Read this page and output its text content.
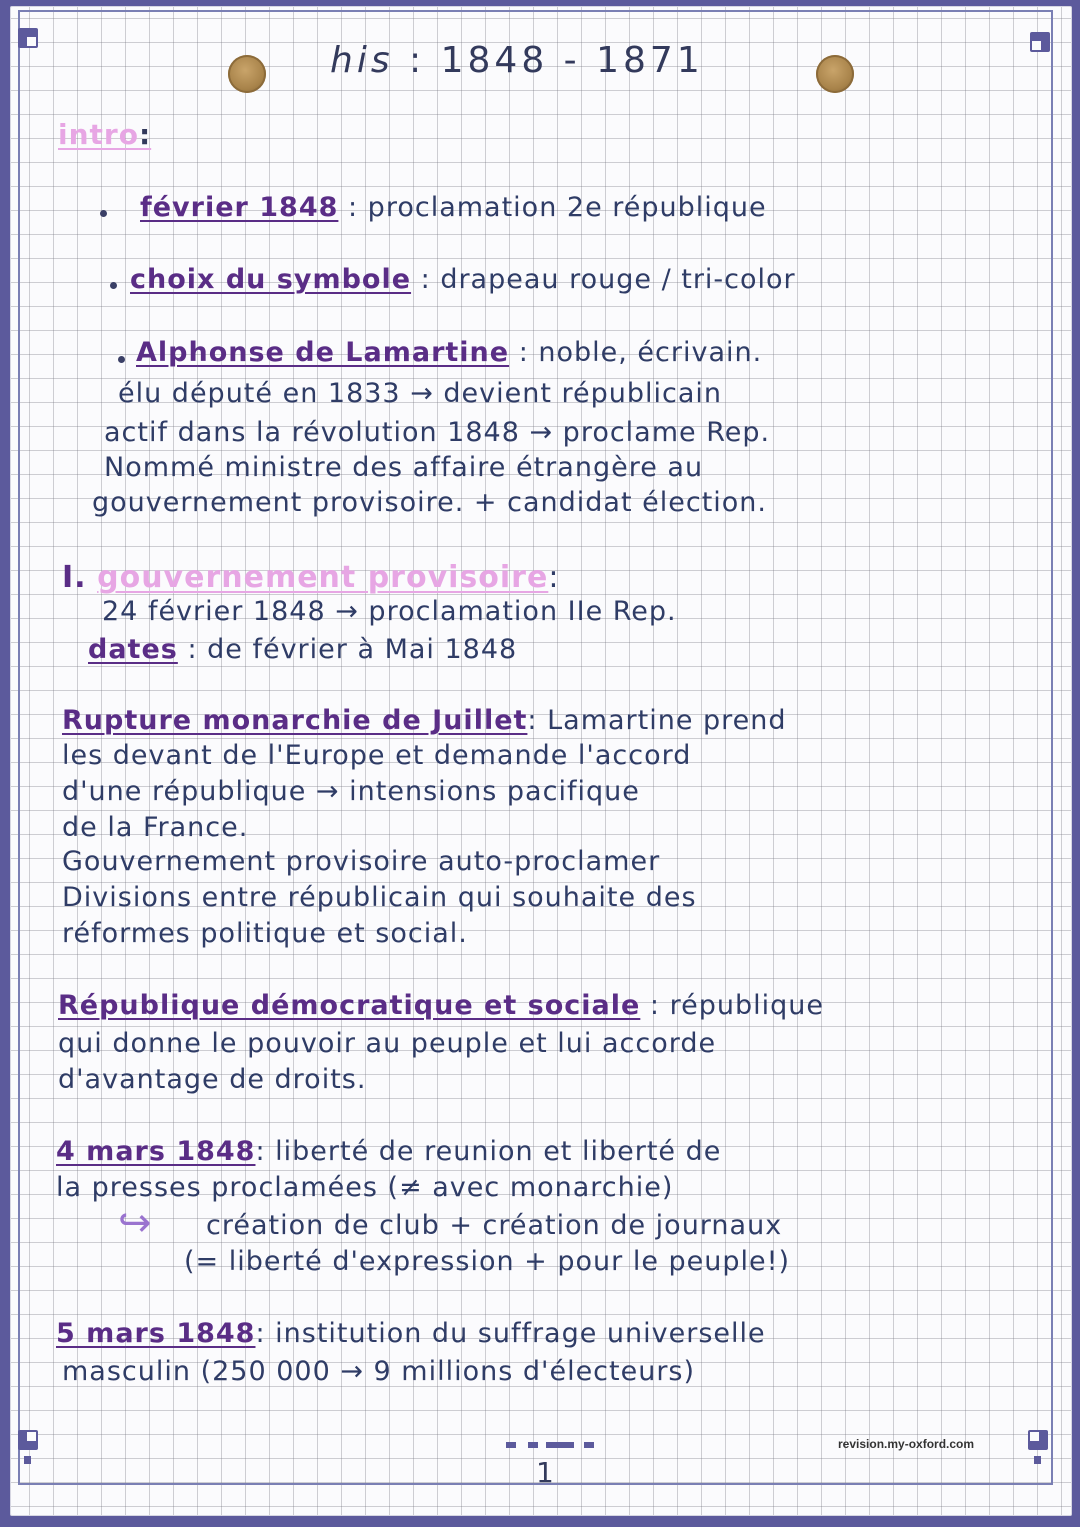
his : 1848 - 1871
intro:
février 1848 : proclamation 2e république
choix du symbole : drapeau rouge / tri-color
Alphonse de Lamartine : noble, écrivain.
élu député en 1833 → devient républicain
actif dans la révolution 1848 → proclame Rep.
Nommé ministre des affaire étrangère au
gouvernement provisoire. + candidat élection.
I. gouvernement provisoire:
24 février 1848 → proclamation IIe Rep.
dates : de février à Mai 1848
Rupture monarchie de Juillet: Lamartine prend
les devant de l'Europe et demande l'accord
d'une république → intensions pacifique
de la France.
Gouvernement provisoire auto-proclamer
Divisions entre républicain qui souhaite des
réformes politique et social.
République démocratique et sociale : république
qui donne le pouvoir au peuple et lui accorde
d'avantage de droits.
4 mars 1848: liberté de reunion et liberté de
la presses proclamées (≠ avec monarchie)
↪ création de club + création de journaux
(= liberté d'expression + pour le peuple!)
5 mars 1848: institution du suffrage universelle
masculin (250 000 → 9 millions d'électeurs)
1
revision.my-oxford.com
